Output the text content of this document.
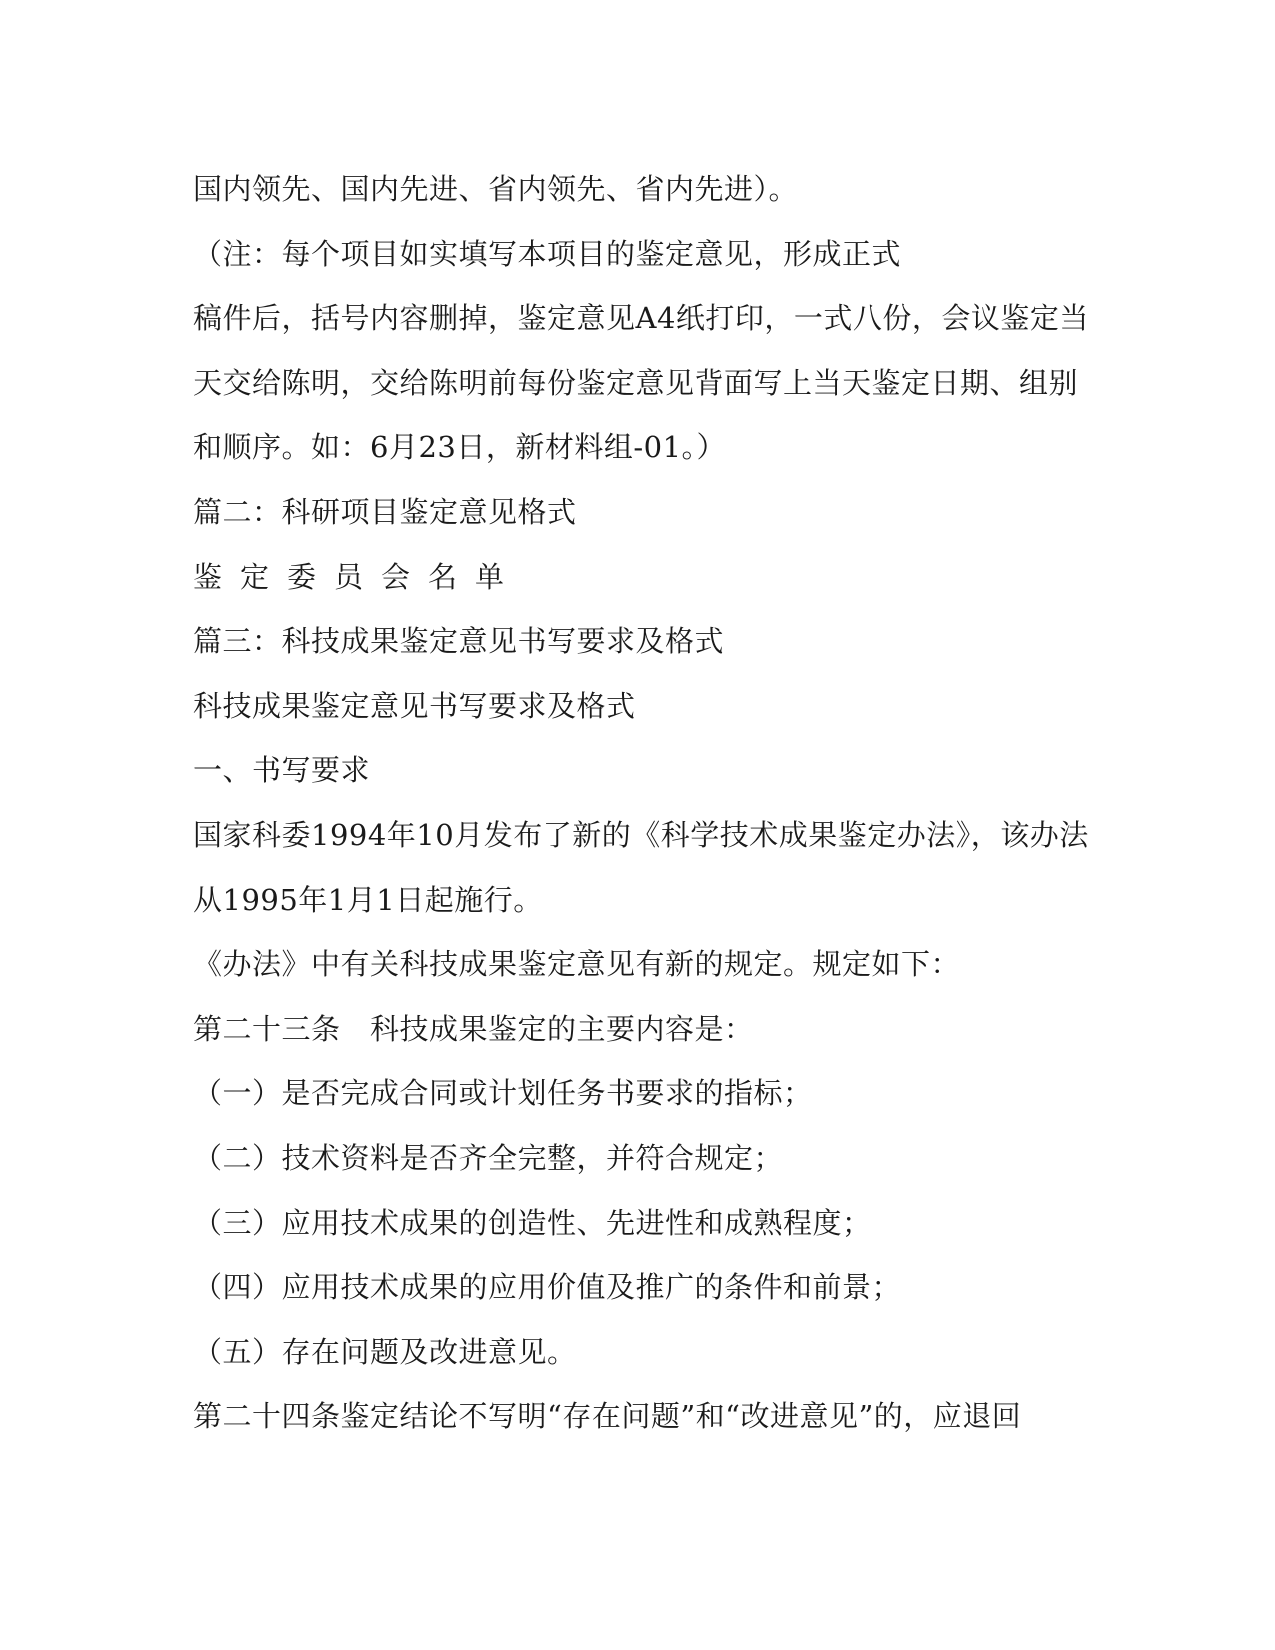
国内领先、国内先进、省内领先、省内先进）。
（注：每个项目如实填写本项目的鉴定意见，形成正式
稿件后，括号内容删掉，鉴定意见A4纸打印，一式八份，会议鉴定当
天交给陈明，交给陈明前每份鉴定意见背面写上当天鉴定日期、组别
和顺序。如：6月23日，新材料组-01。）
篇二：科研项目鉴定意见格式
鉴定委员会名单
篇三：科技成果鉴定意见书写要求及格式
科技成果鉴定意见书写要求及格式
一、书写要求
国家科委1994年10月发布了新的《科学技术成果鉴定办法》，该办法
从1995年1月1日起施行。
《办法》中有关科技成果鉴定意见有新的规定。规定如下：
第二十三条　科技成果鉴定的主要内容是：
（一）是否完成合同或计划任务书要求的指标；
（二）技术资料是否齐全完整，并符合规定；
（三）应用技术成果的创造性、先进性和成熟程度；
（四）应用技术成果的应用价值及推广的条件和前景；
（五）存在问题及改进意见。
第二十四条鉴定结论不写明“存在问题”和“改进意见”的，应退回
